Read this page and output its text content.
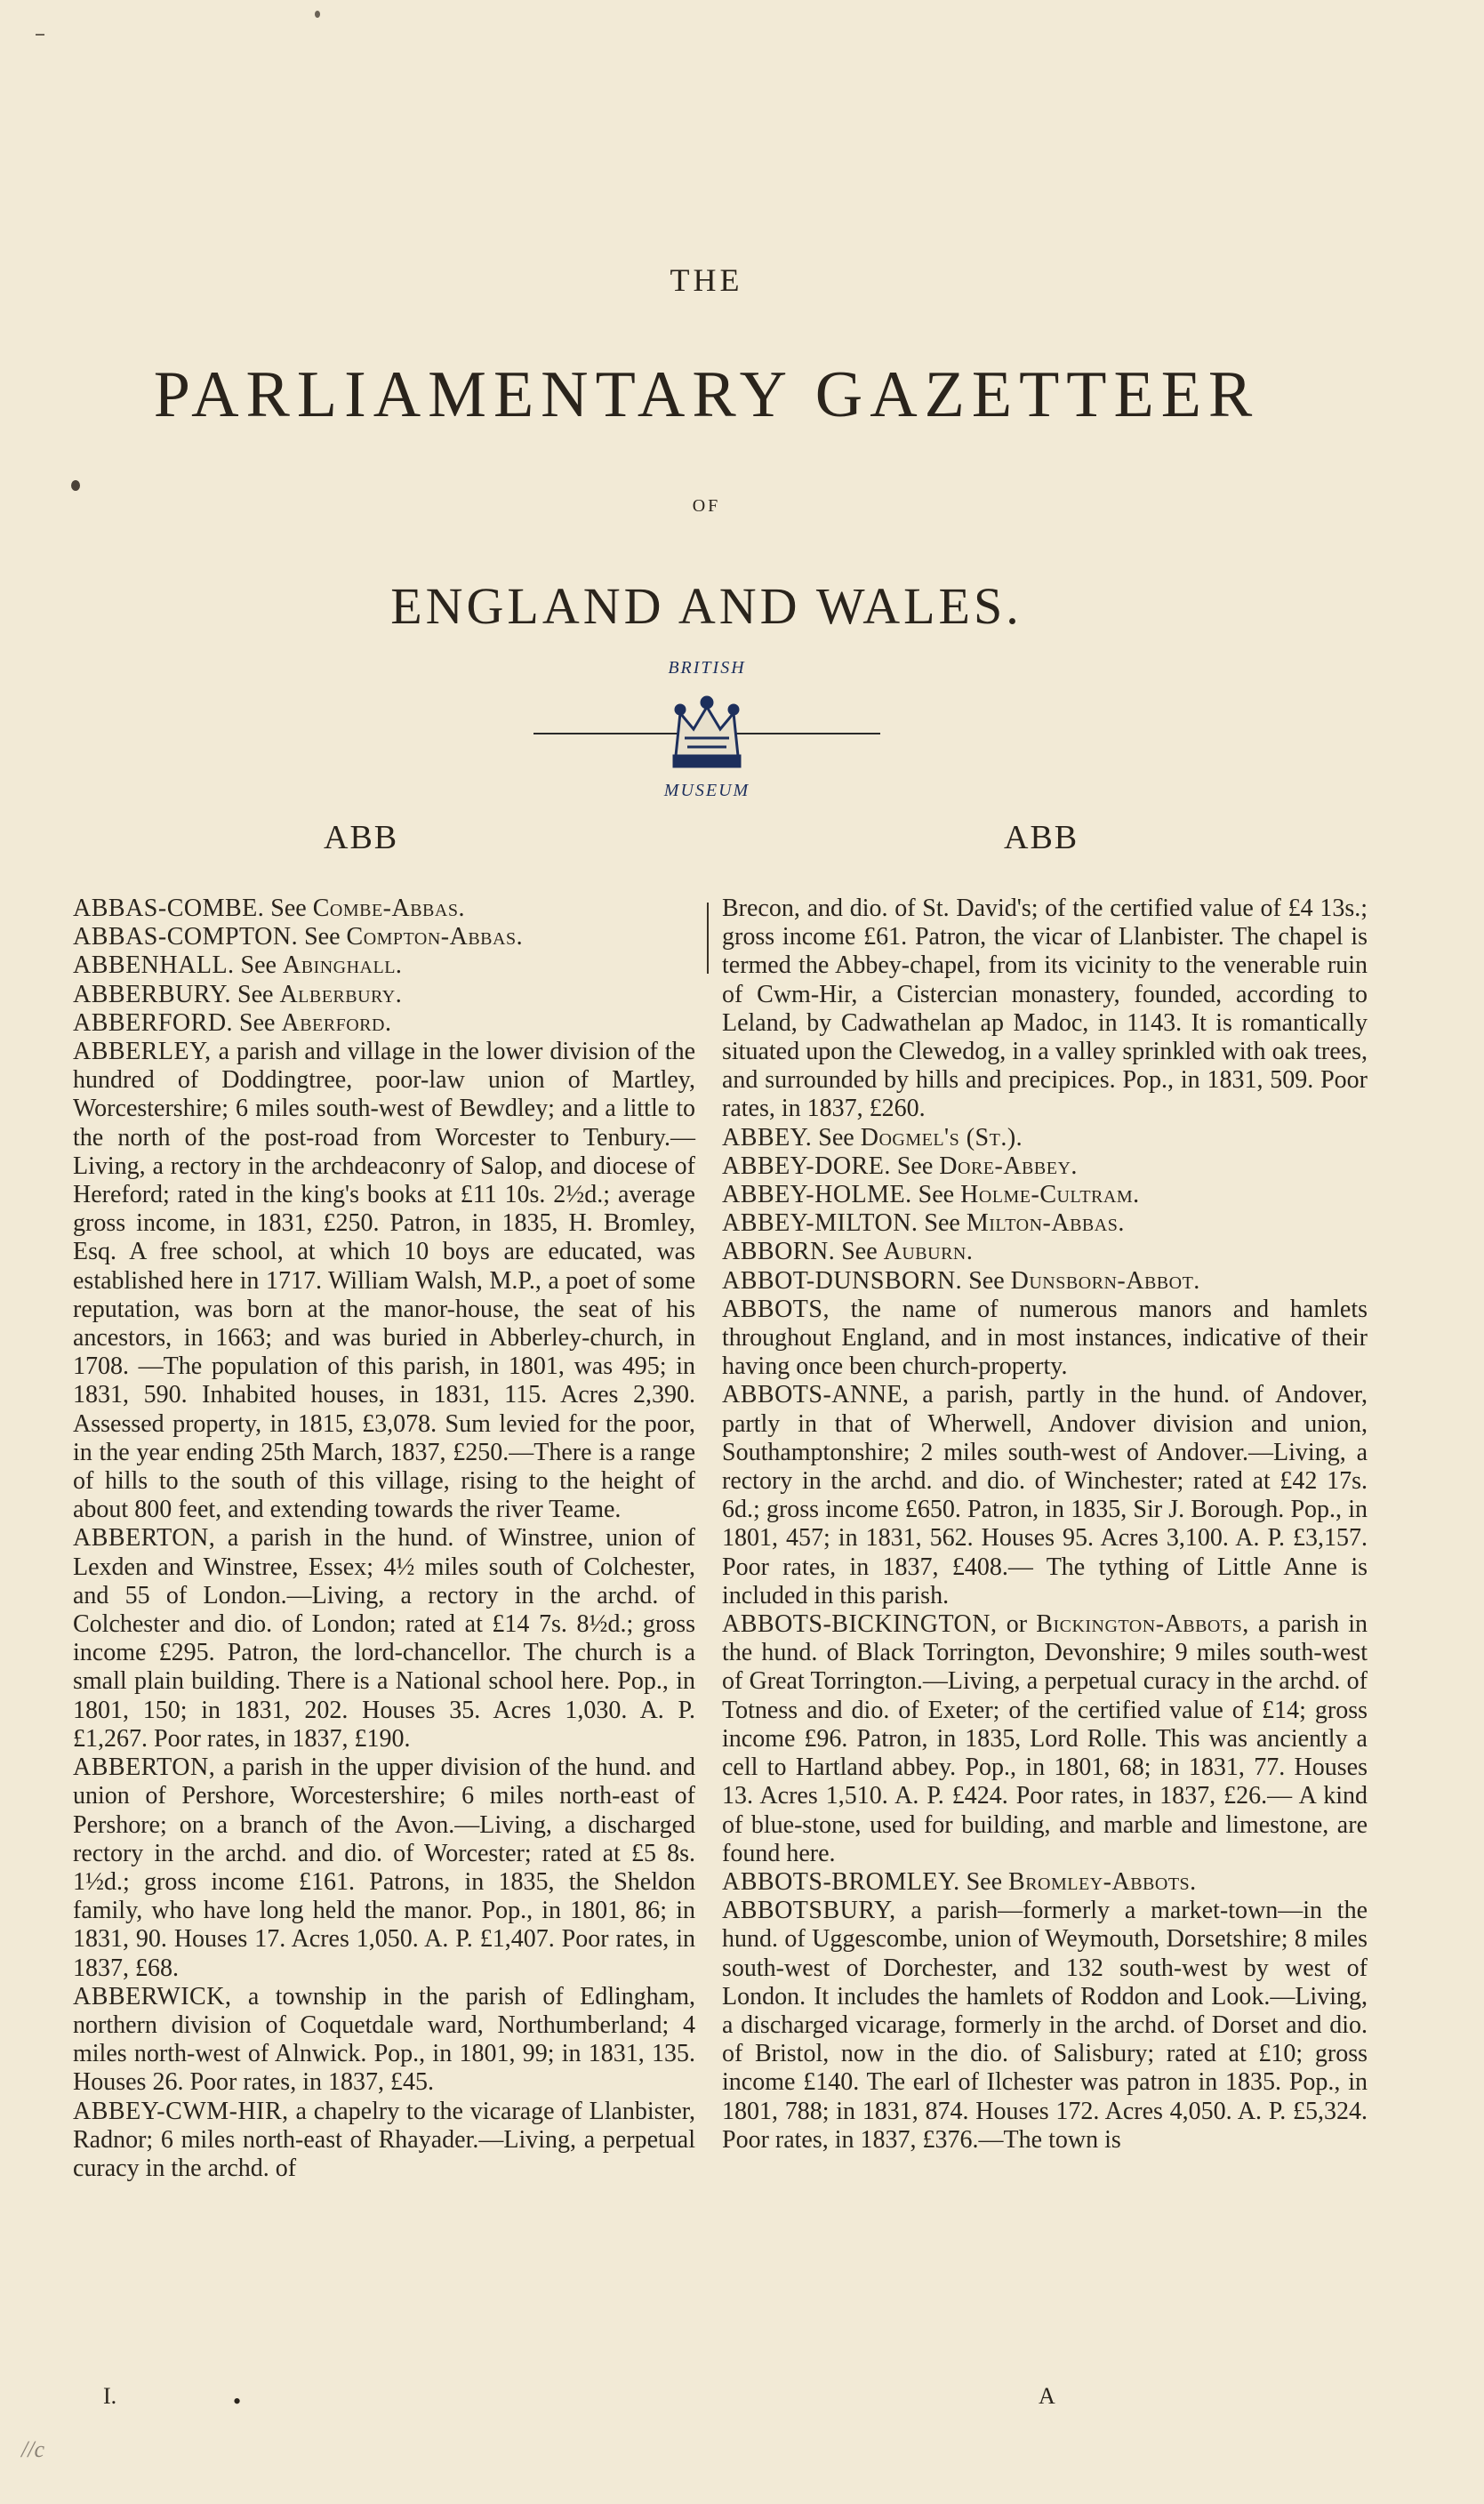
THE
PARLIAMENTARY GAZETTEER
OF
ENGLAND AND WALES.
BRITISH
MUSEUM
ABB	ABB

ABBAS-COMBE. See Combe-Abbas.

ABBAS-COMPTON. See Compton-Abbas.

ABBENHALL. See Abinghall.

ABBERBURY. See Alberbury.

ABBERFORD. See Aberford.

ABBERLEY, a parish and village in the lower division of the hundred of Doddingtree, poor-law union of Martley, Worcestershire; 6 miles south-west of Bewdley; and a little to the north of the post-road from Worcester to Tenbury.—Living, a rectory in the archdeaconry of Salop, and diocese of Hereford; rated in the king's books at £11 10s. 2½d.; average gross income, in 1831, £250. Patron, in 1835, H. Bromley, Esq. A free school, at which 10 boys are educated, was established here in 1717. William Walsh, M.P., a poet of some reputation, was born at the manor-house, the seat of his ancestors, in 1663; and was buried in Abberley-church, in 1708. —The population of this parish, in 1801, was 495; in 1831, 590. Inhabited houses, in 1831, 115. Acres 2,390. Assessed property, in 1815, £3,078. Sum levied for the poor, in the year ending 25th March, 1837, £250.—There is a range of hills to the south of this village, rising to the height of about 800 feet, and extending towards the river Teame.

ABBERTON, a parish in the hund. of Winstree, union of Lexden and Winstree, Essex; 4½ miles south of Colchester, and 55 of London.—Living, a rectory in the archd. of Colchester and dio. of London; rated at £14 7s. 8½d.; gross income £295. Patron, the lord-chancellor. The church is a small plain building. There is a National school here. Pop., in 1801, 150; in 1831, 202. Houses 35. Acres 1,030. A. P. £1,267. Poor rates, in 1837, £190.

ABBERTON, a parish in the upper division of the hund. and union of Pershore, Worcestershire; 6 miles north-east of Pershore; on a branch of the Avon.—Living, a discharged rectory in the archd. and dio. of Worcester; rated at £5 8s. 1½d.; gross income £161. Patrons, in 1835, the Sheldon family, who have long held the manor. Pop., in 1801, 86; in 1831, 90. Houses 17. Acres 1,050. A. P. £1,407. Poor rates, in 1837, £68.

ABBERWICK, a township in the parish of Edlingham, northern division of Coquetdale ward, Northumberland; 4 miles north-west of Alnwick. Pop., in 1801, 99; in 1831, 135. Houses 26. Poor rates, in 1837, £45.

ABBEY-CWM-HIR, a chapelry to the vicarage of Llanbister, Radnor; 6 miles north-east of Rhayader.—Living, a perpetual curacy in the archd. of

Brecon, and dio. of St. David's; of the certified value of £4 13s.; gross income £61. Patron, the vicar of Llanbister. The chapel is termed the Abbey-chapel, from its vicinity to the venerable ruin of Cwm-Hir, a Cistercian monastery, founded, according to Leland, by Cadwathelan ap Madoc, in 1143. It is romantically situated upon the Clewedog, in a valley sprinkled with oak trees, and surrounded by hills and precipices. Pop., in 1831, 509. Poor rates, in 1837, £260.

ABBEY. See Dogmel's (St.).

ABBEY-DORE. See Dore-Abbey.

ABBEY-HOLME. See Holme-Cultram.

ABBEY-MILTON. See Milton-Abbas.

ABBORN. See Auburn.

ABBOT-DUNSBORN. See Dunsborn-Abbot.

ABBOTS, the name of numerous manors and hamlets throughout England, and in most instances, indicative of their having once been church-property.

ABBOTS-ANNE, a parish, partly in the hund. of Andover, partly in that of Wherwell, Andover division and union, Southamptonshire; 2 miles south-west of Andover.—Living, a rectory in the archd. and dio. of Winchester; rated at £42 17s. 6d.; gross income £650. Patron, in 1835, Sir J. Borough. Pop., in 1801, 457; in 1831, 562. Houses 95. Acres 3,100. A. P. £3,157. Poor rates, in 1837, £408.— The tything of Little Anne is included in this parish.

ABBOTS-BICKINGTON, or Bickington-Abbots, a parish in the hund. of Black Torrington, Devonshire; 9 miles south-west of Great Torrington.—Living, a perpetual curacy in the archd. of Totness and dio. of Exeter; of the certified value of £14; gross income £96. Patron, in 1835, Lord Rolle. This was anciently a cell to Hartland abbey. Pop., in 1801, 68; in 1831, 77. Houses 13. Acres 1,510. A. P. £424. Poor rates, in 1837, £26.— A kind of blue-stone, used for building, and marble and limestone, are found here.

ABBOTS-BROMLEY. See Bromley-Abbots.

ABBOTSBURY, a parish—formerly a market-town—in the hund. of Uggescombe, union of Weymouth, Dorsetshire; 8 miles south-west of Dorchester, and 132 south-west by west of London. It includes the hamlets of Roddon and Look.—Living, a discharged vicarage, formerly in the archd. of Dorset and dio. of Bristol, now in the dio. of Salisbury; rated at £10; gross income £140. The earl of Ilchester was patron in 1835. Pop., in 1801, 788; in 1831, 874. Houses 172. Acres 4,050. A. P. £5,324. Poor rates, in 1837, £376.—The town is

I.	•	A
//c
